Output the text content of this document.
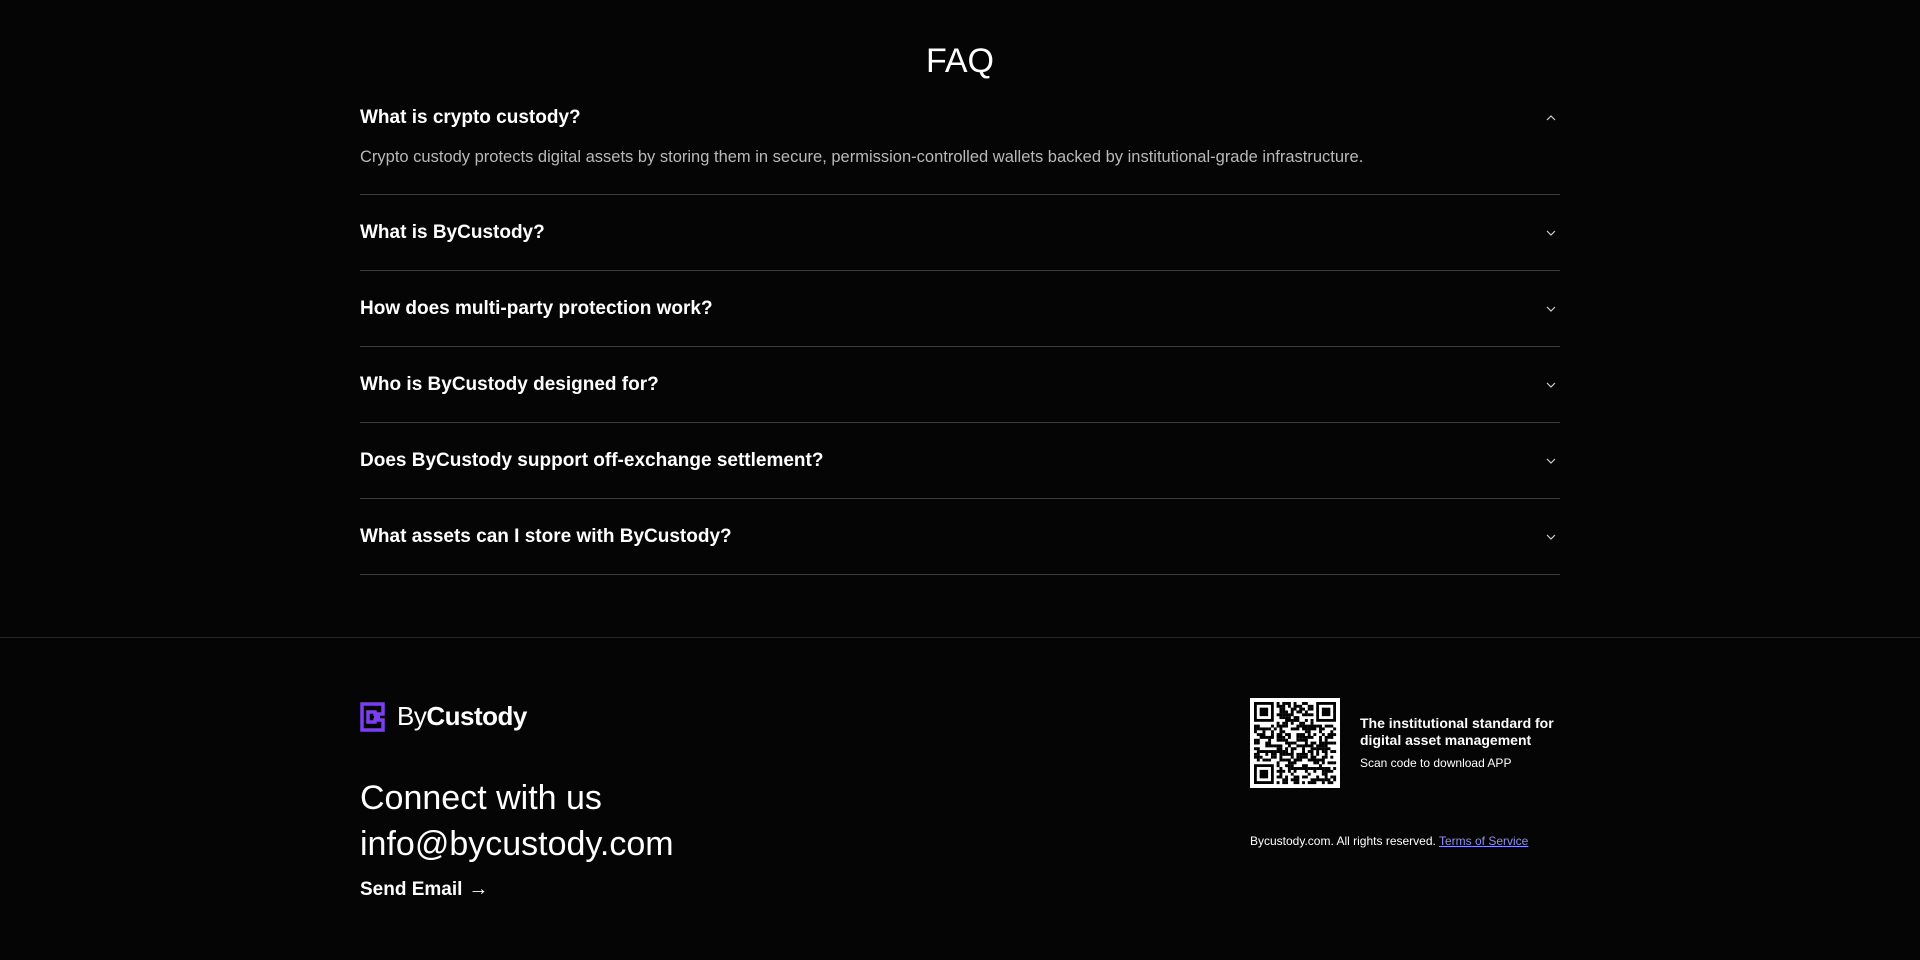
FAQ
What is crypto custody?
Crypto custody protects digital assets by storing them in secure, permission-controlled wallets backed by institutional-grade infrastructure.
What is ByCustody?
How does multi-party protection work?
Who is ByCustody designed for?
Does ByCustody support off-exchange settlement?
What assets can I store with ByCustody?
ByCustody
Connect with us
info@bycustody.com
Send Email →
The institutional standard for digital asset management
Scan code to download APP
Bycustody.com. All rights reserved. Terms of Service
